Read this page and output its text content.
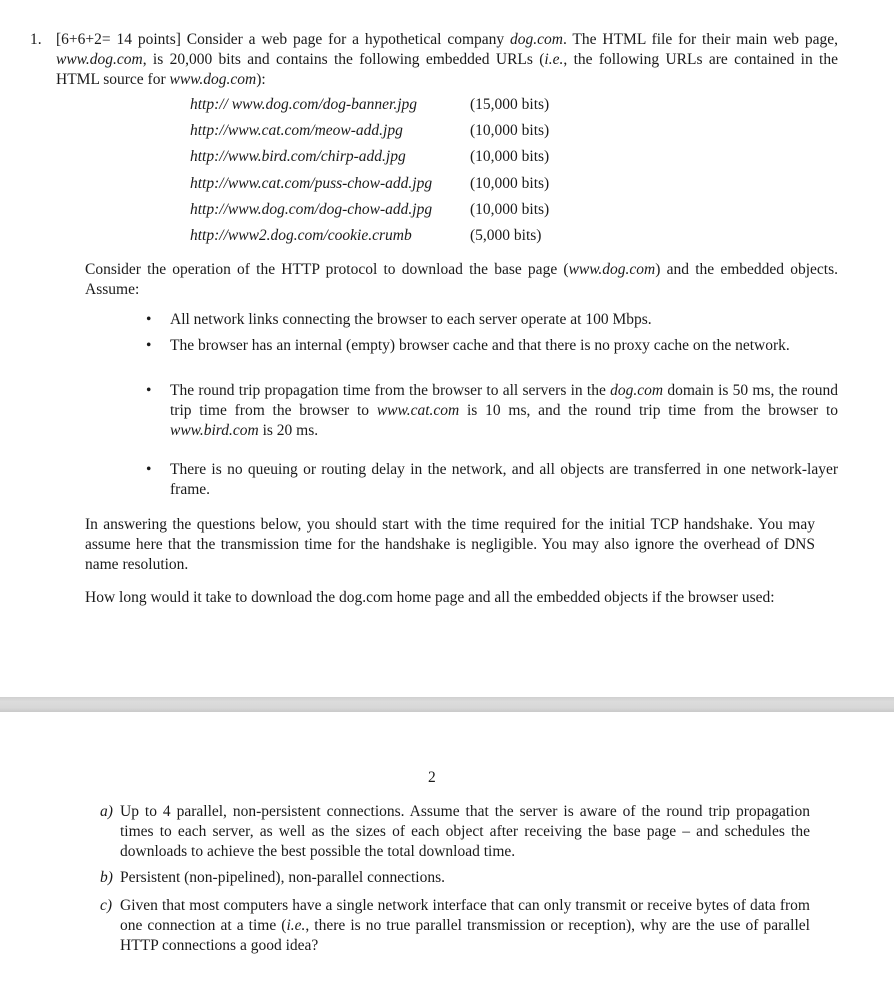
1. [6+6+2= 14 points] Consider a web page for a hypothetical company dog.com. The HTML file for their main web page, www.dog.com, is 20,000 bits and contains the following embedded URLs (i.e., the following URLs are contained in the HTML source for www.dog.com):
http:// www.dog.com/dog-banner.jpg	(15,000 bits)
http://www.cat.com/meow-add.jpg	(10,000 bits)
http://www.bird.com/chirp-add.jpg	(10,000 bits)
http://www.cat.com/puss-chow-add.jpg (10,000 bits)
http://www.dog.com/dog-chow-add.jpg (10,000 bits)
http://www2.dog.com/cookie.crumb	(5,000 bits)
Consider the operation of the HTTP protocol to download the base page (www.dog.com) and the embedded objects. Assume:
• All network links connecting the browser to each server operate at 100 Mbps.
• The browser has an internal (empty) browser cache and that there is no proxy cache on the network.
• The round trip propagation time from the browser to all servers in the dog.com domain is 50 ms, the round trip time from the browser to www.cat.com is 10 ms, and the round trip time from the browser to www.bird.com is 20 ms.
• There is no queuing or routing delay in the network, and all objects are transferred in one network-layer frame.
In answering the questions below, you should start with the time required for the initial TCP handshake. You may assume here that the transmission time for the handshake is negligible. You may also ignore the overhead of DNS name resolution.
How long would it take to download the dog.com home page and all the embedded objects if the browser used:
2
a) Up to 4 parallel, non-persistent connections. Assume that the server is aware of the round trip propagation times to each server, as well as the sizes of each object after receiving the base page – and schedules the downloads to achieve the best possible the total download time.
b) Persistent (non-pipelined), non-parallel connections.
c) Given that most computers have a single network interface that can only transmit or receive bytes of data from one connection at a time (i.e., there is no true parallel transmission or reception), why are the use of parallel HTTP connections a good idea?
